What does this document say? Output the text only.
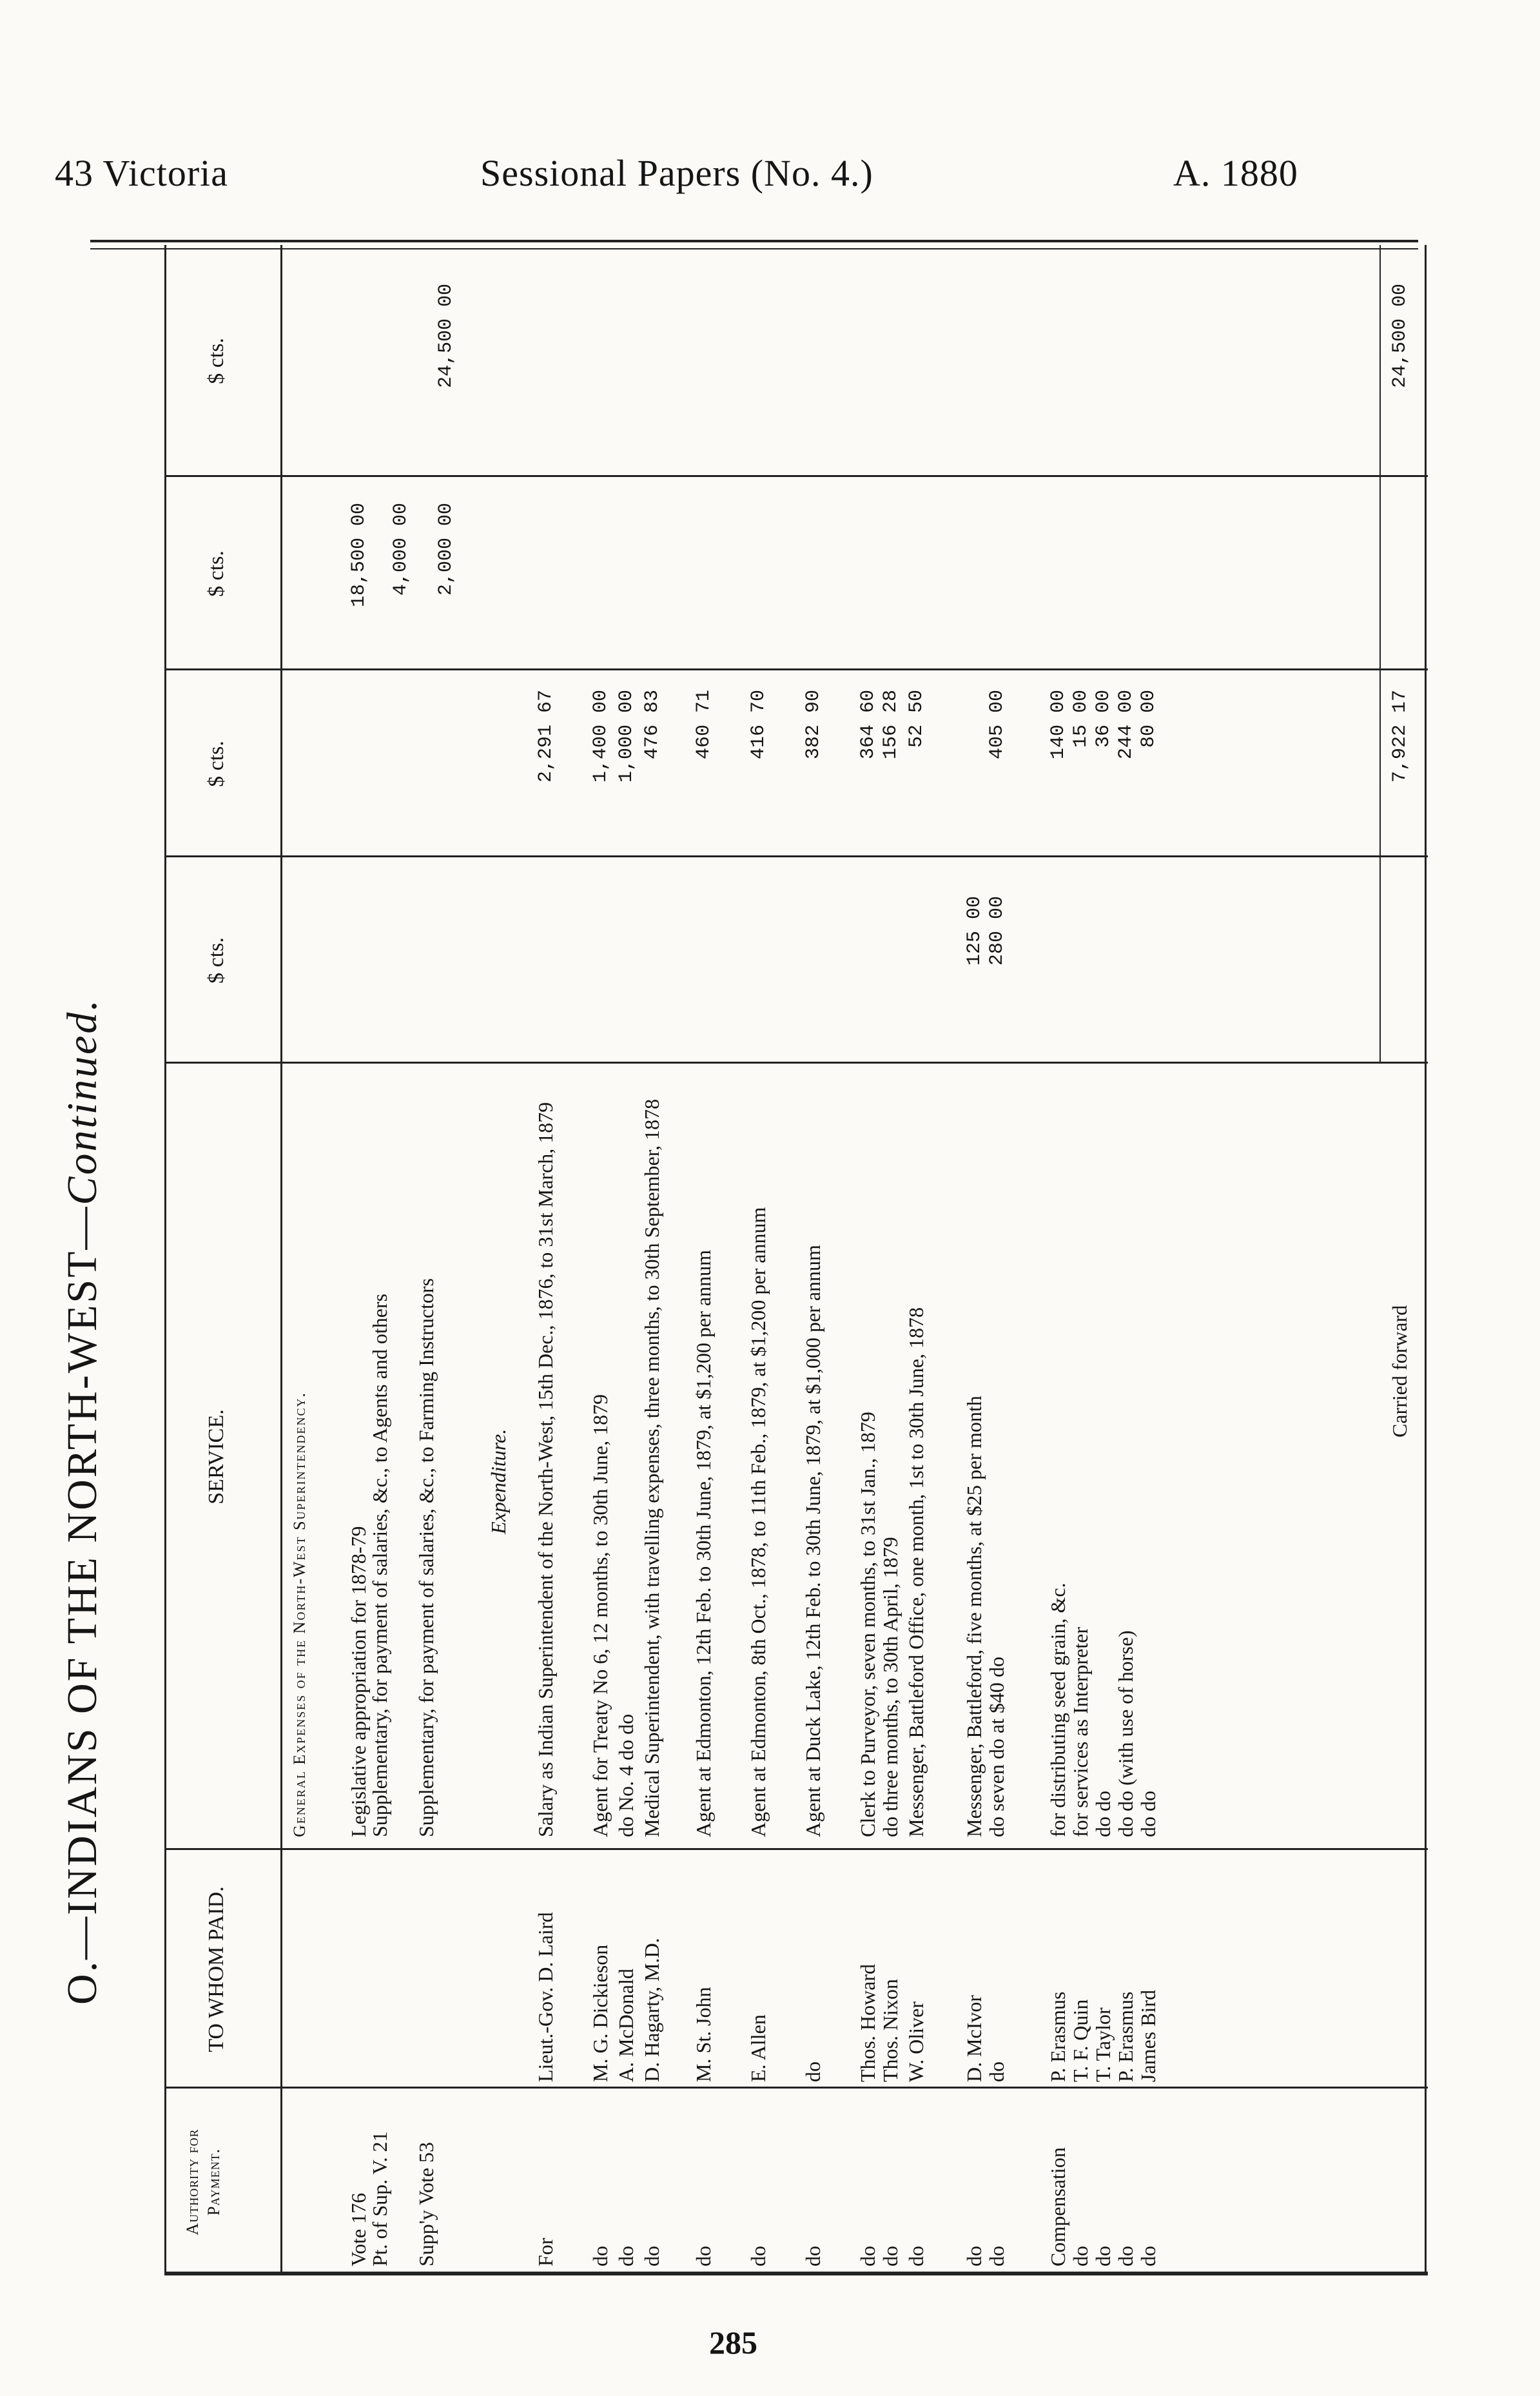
43 Victoria	Sessional Papers (No. 4.)	A. 1880
O.—INDIANS OF THE NORTH-WEST—Continued.
Authority for Payment.
TO WHOM PAID.
SERVICE.
$ cts.
$ cts.
$ cts.
$ cts.
General Expenses of the North-West Superintendency.
Vote 176
Legislative appropriation for 1878-79
18,500 00
Pt. of Sup. V. 21
Supplementary, for payment of salaries, &c., to Agents and others
4,000 00
Supp'y Vote 53
Supplementary, for payment of salaries, &c., to Farming Instructors
2,000 00
24,500 00
Expenditure.
For
Lieut.-Gov. D. Laird
Salary as Indian Superintendent of the North-West, 15th Dec., 1876, to 31st March, 1879
2,291 67
do
M. G. Dickieson
Agent for Treaty No 6, 12 months, to 30th June, 1879
1,400 00
do
A. McDonald
do No. 4 do do
1,000 00
do
D. Hagarty, M.D.
Medical Superintendent, with travelling expenses, three months, to 30th September, 1878
476 83
do
M. St. John
Agent at Edmonton, 12th Feb. to 30th June, 1879, at $1,200 per annum
460 71
do
E. Allen
Agent at Edmonton, 8th Oct., 1878, to 11th Feb., 1879, at $1,200 per annum
416 70
do
do
Agent at Duck Lake, 12th Feb. to 30th June, 1879, at $1,000 per annum
382 90
do
Thos. Howard
Clerk to Purveyor, seven months, to 31st Jan., 1879
364 60
do
Thos. Nixon
do three months, to 30th April, 1879
156 28
do
W. Oliver
Messenger, Battleford Office, one month, 1st to 30th June, 1878
52 50
do
D. McIvor
Messenger, Battleford, five months, at $25 per month
125 00
do
do
do seven do at $40 do
280 00
405 00
Compensation
P. Erasmus
for distributing seed grain, &c.
140 00
do
T. F. Quin
for services as Interpreter
15 00
do
T. Taylor
do do
36 00
do
P. Erasmus
do do (with use of horse)
244 00
do
James Bird
do do
80 00
Carried forward
7,922 17
24,500 00
285
